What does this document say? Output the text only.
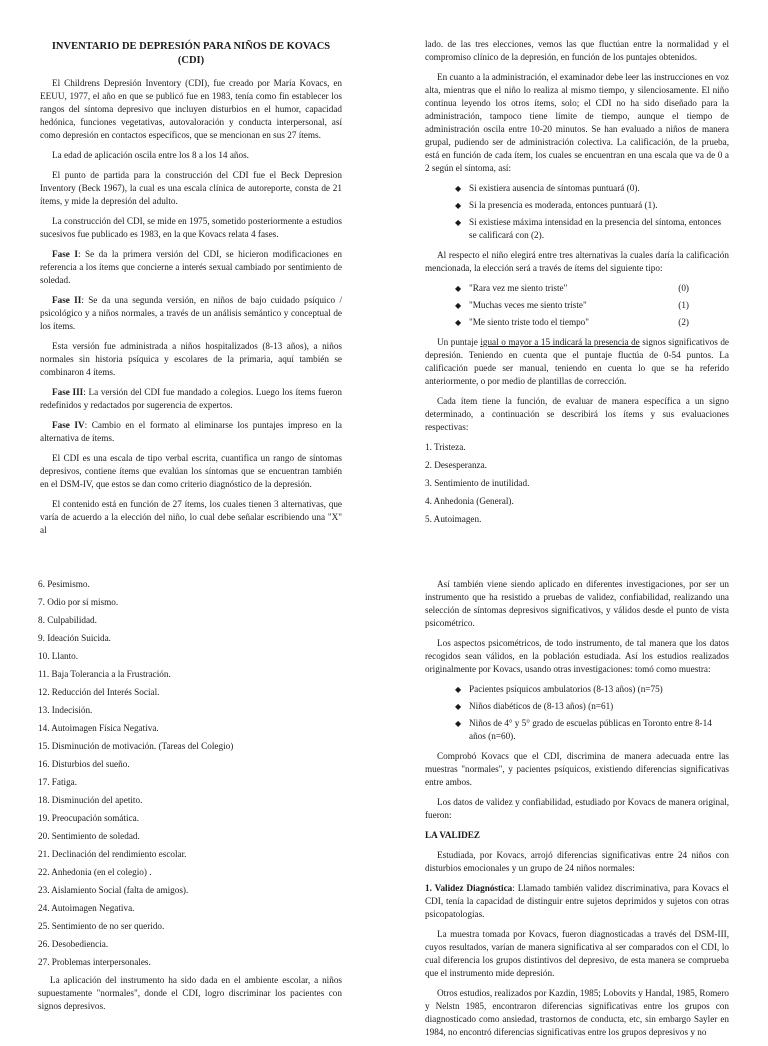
INVENTARIO DE DEPRESIÓN PARA NIÑOS DE KOVACS
(CDI)

El Childrens Depresión Inventory (CDI), fue creado por María Kovacs, en EEUU, 1977, el año en que se publicó fue en 1983, tenía como fin establecer los rangos del síntoma depresivo que incluyen disturbios en el humor, capacidad hedónica, funciones vegetativas, autovaloración y conducta interpersonal, así como depresión en contactos específicos, que se mencionan en sus 27 ítems.

La edad de aplicación oscila entre los 8 a los 14 años.

El punto de partida para la construcción del CDI fue el Beck Depresion Inventory (Beck 1967), la cual es una escala clínica de autoreporte, consta de 21 ítems, y mide la depresión del adulto.

La construcción del CDI, se mide en 1975, sometido posteriormente a estudios sucesivos fue publicado es 1983, en la que Kovacs relata 4 fases.

Fase I: Se da la primera versión del CDI, se hicieron modificaciones en referencia a los ítems que concierne a interés sexual cambiado por sentimiento de soledad.

Fase II: Se da una segunda versión, en niños de bajo cuidado psíquico / psicológico y a niños normales, a través de un análisis semántico y conceptual de los ítems.

Esta versión fue administrada a niños hospitalizados (8-13 años), a niños normales sin historia psíquica y escolares de la primaria, aquí también se combinaron 4 ítems.

Fase III: La versión del CDI fue mandado a colegios. Luego los ítems fueron redefinidos y redactados por sugerencia de expertos.

Fase IV: Cambio en el formato al eliminarse los puntajes impreso en la alternativa de ítems.

El CDI es una escala de tipo verbal escrita, cuantifica un rango de síntomas depresivos, contiene ítems que evalúan los síntomas que se encuentran también en el DSM-IV, que estos se dan como criterio diagnóstico de la depresión.

El contenido está en función de 27 ítems, los cuales tienen 3 alternativas, que varía de acuerdo a la elección del niño, lo cual debe señalar escribiendo una "X" al

lado. de las tres elecciones, vemos las que fluctúan entre la normalidad y el compromiso clínico de la depresión, en función de los puntajes obtenidos.

En cuanto a la administración, el examinador debe leer las instrucciones en voz alta, mientras que el niño lo realiza al mismo tiempo, y silenciosamente. El niño continua leyendo los otros ítems, solo; el CDI no ha sido diseñado para la administración, tampoco tiene límite de tiempo, aunque el tiempo de administración oscila entre 10-20 minutos. Se han evaluado a niños de manera grupal, pudiendo ser de administración colectiva. La calificación, de la prueba, está en función de cada ítem, los cuales se encuentran en una escala que va de 0 a 2 según el síntoma, así:

◆ Si existiera ausencia de síntomas puntuará (0).
◆ Si la presencia es moderada, entonces puntuará (1).
◆ Si existiese máxima intensidad en la presencia del síntoma, entonces se calificará con (2).

Al respecto el niño elegirá entre tres alternativas la cuales daría la calificación mencionada, la elección será a través de ítems del siguiente tipo:

◆ "Rara vez me siento triste"	(0)
◆ "Muchas veces me siento triste"	(1)
◆ "Me siento triste todo el tiempo"	(2)

Un puntaje igual o mayor a 15 indicará la presencia de signos significativos de depresión. Teniendo en cuenta que el puntaje fluctúa de 0-54 puntos. La calificación puede ser manual, teniendo en cuenta lo que se ha referido anteriormente, o por medio de plantillas de corrección.

Cada ítem tiene la función, de evaluar de manera específica a un signo determinado, a continuación se describirá los ítems y sus evaluaciones respectivas:

1. Tristeza.
2. Desesperanza.
3. Sentimiento de inutilidad.
4. Anhedonia (General).
5. Autoimagen.
6. Pesimismo.
7. Odio por sí mismo.
8. Culpabilidad.
9. Ideación Suicida.
10. Llanto.
11. Baja Tolerancia a la Frustración.
12. Reducción del Interés Social.
13. Indecisión.
14. Autoimagen Física Negativa.
15. Disminución de motivación. (Tareas del Colegio)
16. Disturbios del sueño.
17. Fatiga.
18. Disminución del apetito.
19. Preocupación somática.
20. Sentimiento de soledad.
21. Declinación del rendimiento escolar.
22. Anhedonia (en el colegio) .
23. Aislamiento Social (falta de amigos).
24. Autoimagen Negativa.
25. Sentimiento de no ser querido.
26. Desobediencia.
27. Problemas interpersonales.

La aplicación del instrumento ha sido dada en el ambiente escolar, a niños supuestamente "normales", donde el CDI, logro discriminar los pacientes con signos depresivos.

Así también viene siendo aplicado en diferentes investigaciones, por ser un instrumento que ha resistido a pruebas de validez, confiabilidad, realizando una selección de síntomas depresivos significativos, y válidos desde el punto de vista psicométrico.

Los aspectos psicométricos, de todo instrumento, de tal manera que los datos recogidos sean válidos, en la población estudiada. Así los estudios realizados originalmente por Kovacs, usando otras investigaciones: tomó como muestra:

◆ Pacientes psíquicos ambulatorios (8-13 años) (n=75)
◆ Niños diabéticos de (8-13 años) (n=61)
◆ Niños de 4° y 5° grado de escuelas públicas en Toronto entre 8-14 años (n=60).

Comprobó Kovacs que el CDI, discrimina de manera adecuada entre las muestras "normales", y pacientes psíquicos, existiendo diferencias significativas entre ambos.

Los datos de validez y confiabilidad, estudiado por Kovacs de manera original, fueron:

LA VALIDEZ

Estudiada, por Kovacs, arrojó diferencias significativas entre 24 niños con disturbios emocionales y un grupo de 24 niños normales:

1. Validez Diagnóstica: Llamado también validez discriminativa, para Kovacs el CDI, tenía la capacidad de distinguir entre sujetos deprimidos y sujetos con otras psicopatologías.

La muestra tomada por Kovacs, fueron diagnosticadas a través del DSM-III, cuyos resultados, varían de manera significativa al ser comparados con el CDI, lo cual diferencia los grupos distintivos del depresivo, de esta manera se comprueba que el instrumento mide depresión.

Otros estudios, realizados por Kazdin, 1985; Lobovits y Handal, 1985, Romero y Nelstn 1985, encontraron diferencias significativas entre los grupos con diagnosticado como ansiedad, trastornos de conducta, etc, sin embargo Sayler en 1984, no encontró diferencias significativas entre los grupos depresivos y no
